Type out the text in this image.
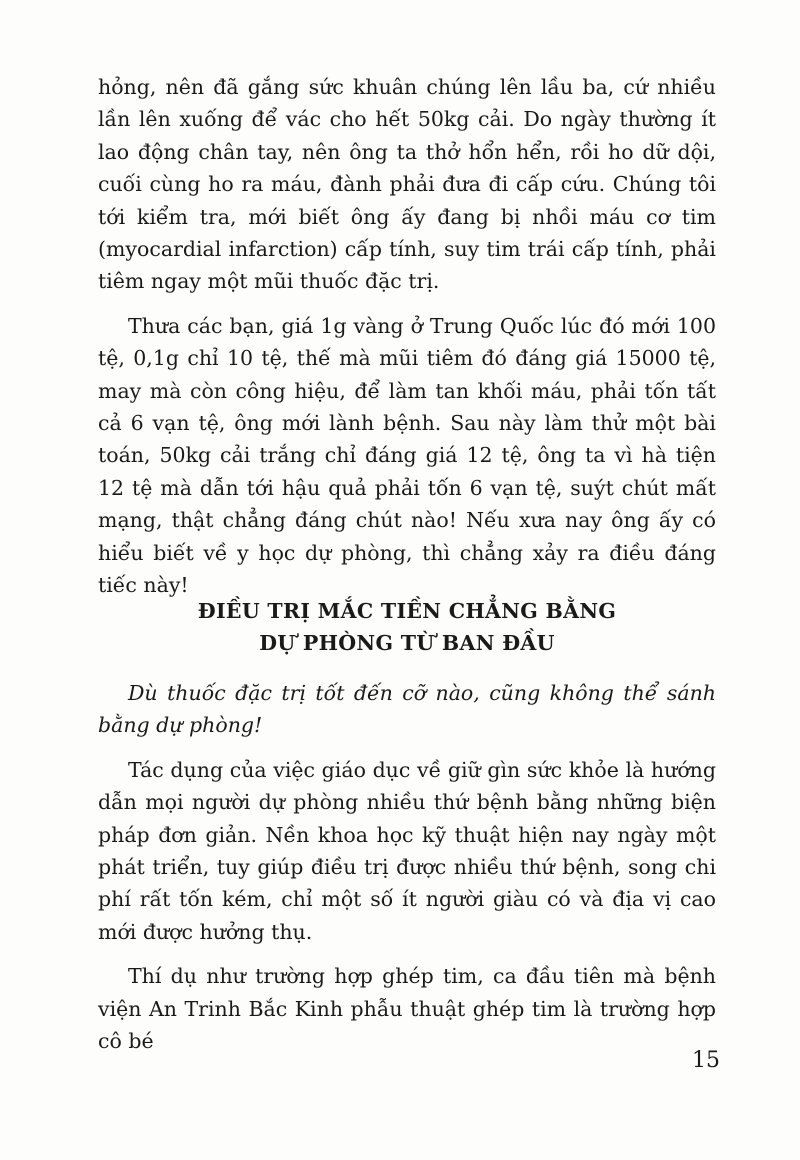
hỏng, nên đã gắng sức khuân chúng lên lầu ba, cứ nhiều lần lên xuống để vác cho hết 50kg cải. Do ngày thường ít lao động chân tay, nên ông ta thở hổn hển, rồi ho dữ dội, cuối cùng ho ra máu, đành phải đưa đi cấp cứu. Chúng tôi tới kiểm tra, mới biết ông ấy đang bị nhồi máu cơ tim (myocardial infarction) cấp tính, suy tim trái cấp tính, phải tiêm ngay một mũi thuốc đặc trị.

Thưa các bạn, giá 1g vàng ở Trung Quốc lúc đó mới 100 tệ, 0,1g chỉ 10 tệ, thế mà mũi tiêm đó đáng giá 15000 tệ, may mà còn công hiệu, để làm tan khối máu, phải tốn tất cả 6 vạn tệ, ông mới lành bệnh. Sau này làm thử một bài toán, 50kg cải trắng chỉ đáng giá 12 tệ, ông ta vì hà tiện 12 tệ mà dẫn tới hậu quả phải tốn 6 vạn tệ, suýt chút mất mạng, thật chẳng đáng chút nào! Nếu xưa nay ông ấy có hiểu biết về y học dự phòng, thì chẳng xảy ra điều đáng tiếc này!

ĐIỀU TRỊ MẮC TIỀN CHẲNG BẰNG
DỰ PHÒNG TỪ BAN ĐẦU

Dù thuốc đặc trị tốt đến cỡ nào, cũng không thể sánh bằng dự phòng!

Tác dụng của việc giáo dục về giữ gìn sức khỏe là hướng dẫn mọi người dự phòng nhiều thứ bệnh bằng những biện pháp đơn giản. Nền khoa học kỹ thuật hiện nay ngày một phát triển, tuy giúp điều trị được nhiều thứ bệnh, song chi phí rất tốn kém, chỉ một số ít người giàu có và địa vị cao mới được hưởng thụ.

Thí dụ như trường hợp ghép tim, ca đầu tiên mà bệnh viện An Trinh Bắc Kinh phẫu thuật ghép tim là trường hợp cô bé

15
